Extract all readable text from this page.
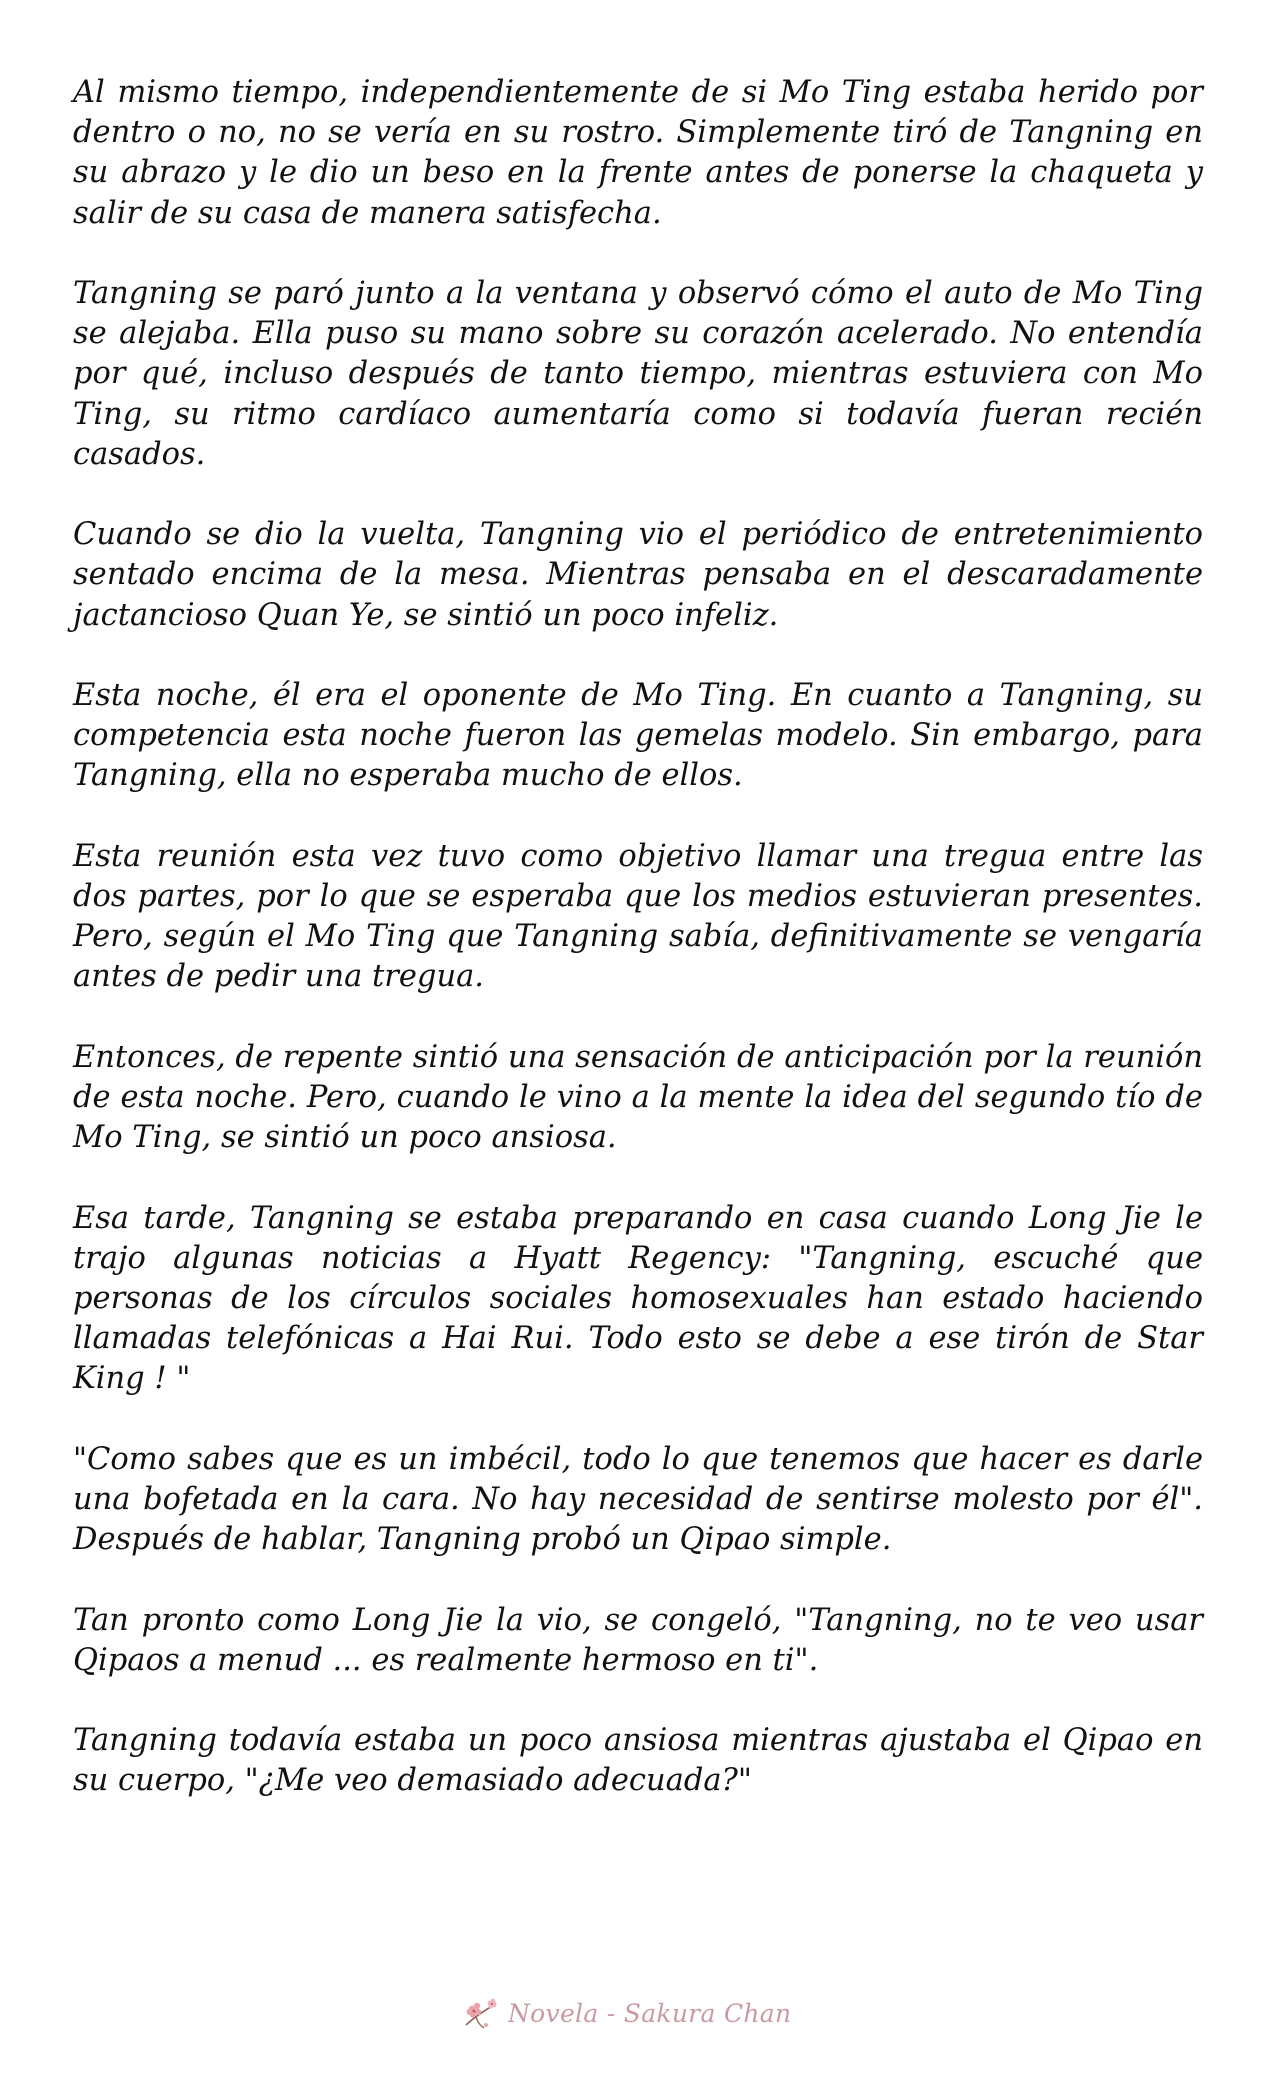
Al mismo tiempo, independientemente de si Mo Ting estaba herido por dentro o no, no se vería en su rostro. Simplemente tiró de Tangning en su abrazo y le dio un beso en la frente antes de ponerse la chaqueta y salir de su casa de manera satisfecha.

Tangning se paró junto a la ventana y observó cómo el auto de Mo Ting se alejaba. Ella puso su mano sobre su corazón acelerado. No entendía por qué, incluso después de tanto tiempo, mientras estuviera con Mo Ting, su ritmo cardíaco aumentaría como si todavía fueran recién casados.

Cuando se dio la vuelta, Tangning vio el periódico de entretenimiento sentado encima de la mesa. Mientras pensaba en el descaradamente jactancioso Quan Ye, se sintió un poco infeliz.

Esta noche, él era el oponente de Mo Ting. En cuanto a Tangning, su competencia esta noche fueron las gemelas modelo. Sin embargo, para Tangning, ella no esperaba mucho de ellos.

Esta reunión esta vez tuvo como objetivo llamar una tregua entre las dos partes, por lo que se esperaba que los medios estuvieran presentes. Pero, según el Mo Ting que Tangning sabía, definitivamente se vengaría antes de pedir una tregua.

Entonces, de repente sintió una sensación de anticipación por la reunión de esta noche. Pero, cuando le vino a la mente la idea del segundo tío de Mo Ting, se sintió un poco ansiosa.

Esa tarde, Tangning se estaba preparando en casa cuando Long Jie le trajo algunas noticias a Hyatt Regency: "Tangning, escuché que personas de los círculos sociales homosexuales han estado haciendo llamadas telefónicas a Hai Rui. Todo esto se debe a ese tirón de Star King ! "

"Como sabes que es un imbécil, todo lo que tenemos que hacer es darle una bofetada en la cara. No hay necesidad de sentirse molesto por él". Después de hablar, Tangning probó un Qipao simple.

Tan pronto como Long Jie la vio, se congeló, "Tangning, no te veo usar Qipaos a menud ... es realmente hermoso en ti".

Tangning todavía estaba un poco ansiosa mientras ajustaba el Qipao en su cuerpo, "¿Me veo demasiado adecuada?"

Novela - Sakura Chan
